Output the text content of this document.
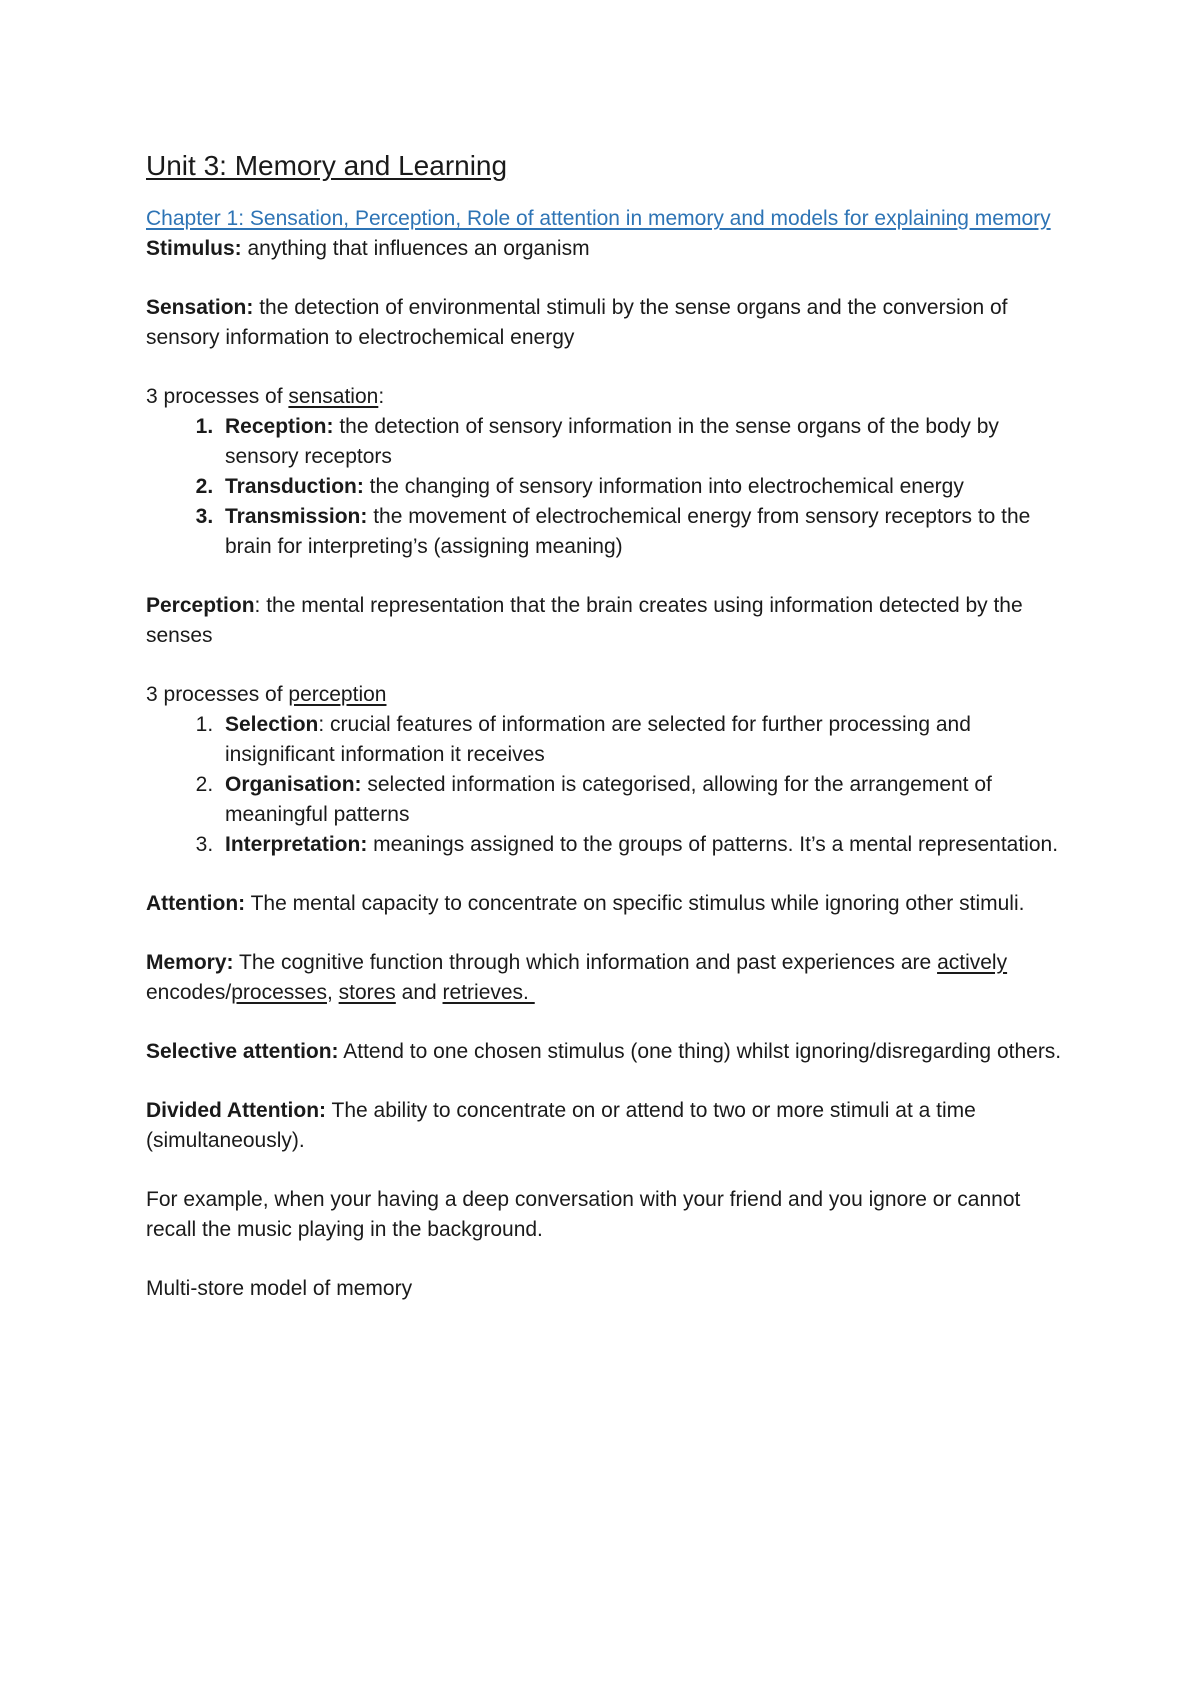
Unit 3: Memory and Learning

Chapter 1: Sensation, Perception, Role of attention in memory and models for explaining memory

Stimulus: anything that influences an organism

Sensation: the detection of environmental stimuli by the sense organs and the conversion of sensory information to electrochemical energy

3 processes of sensation:

1. Reception: the detection of sensory information in the sense organs of the body by sensory receptors
2. Transduction: the changing of sensory information into electrochemical energy
3. Transmission: the movement of electrochemical energy from sensory receptors to the brain for interpreting’s (assigning meaning)

Perception: the mental representation that the brain creates using information detected by the senses

3 processes of perception

1. Selection: crucial features of information are selected for further processing and insignificant information it receives
2. Organisation: selected information is categorised, allowing for the arrangement of meaningful patterns
3. Interpretation: meanings assigned to the groups of patterns. It’s a mental representation.

Attention: The mental capacity to concentrate on specific stimulus while ignoring other stimuli.

Memory: The cognitive function through which information and past experiences are actively encodes/processes, stores and retrieves.

Selective attention: Attend to one chosen stimulus (one thing) whilst ignoring/disregarding others.

Divided Attention: The ability to concentrate on or attend to two or more stimuli at a time (simultaneously).

For example, when your having a deep conversation with your friend and you ignore or cannot recall the music playing in the background.

Multi-store model of memory
